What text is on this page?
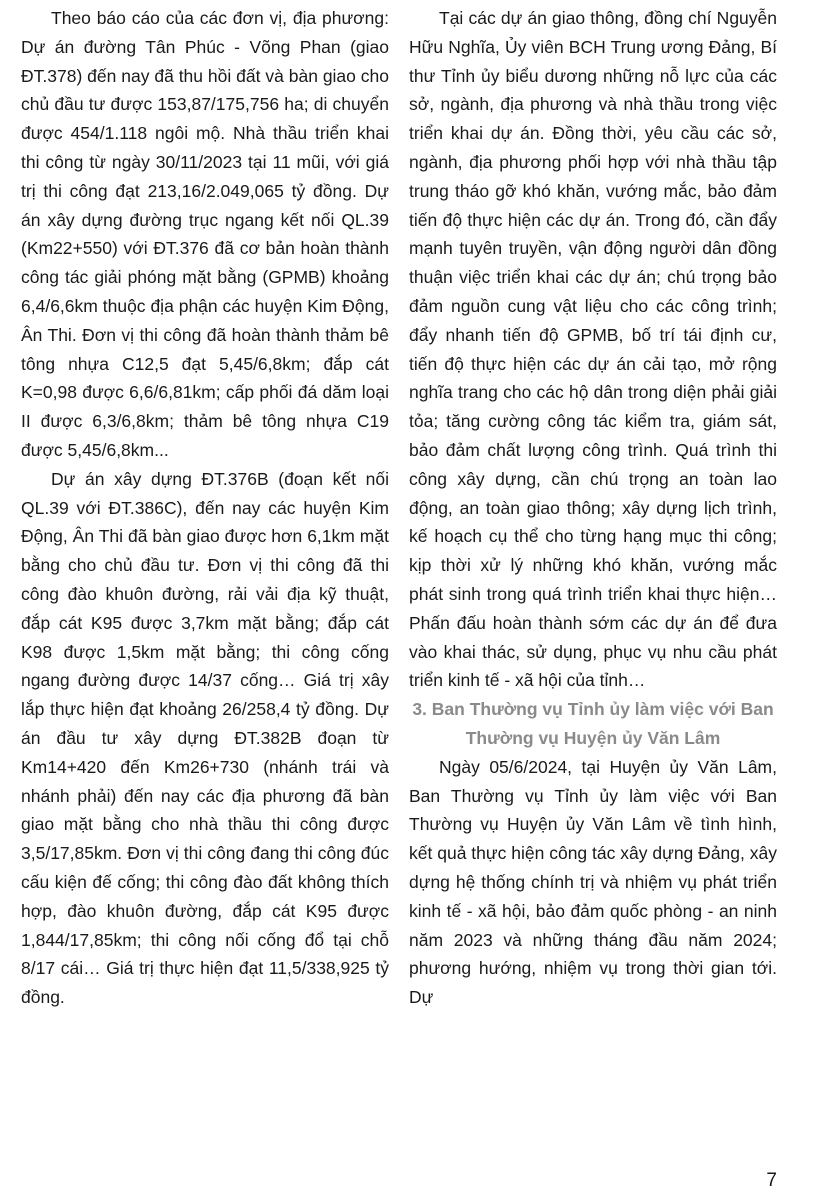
Theo báo cáo của các đơn vị, địa phương: Dự án đường Tân Phúc - Võng Phan (giao ĐT.378) đến nay đã thu hồi đất và bàn giao cho chủ đầu tư được 153,87/175,756 ha; di chuyển được 454/1.118 ngôi mộ. Nhà thầu triển khai thi công từ ngày 30/11/2023 tại 11 mũi, với giá trị thi công đạt 213,16/2.049,065 tỷ đồng. Dự án xây dựng đường trục ngang kết nối QL.39 (Km22+550) với ĐT.376 đã cơ bản hoàn thành công tác giải phóng mặt bằng (GPMB) khoảng 6,4/6,6km thuộc địa phận các huyện Kim Động, Ân Thi. Đơn vị thi công đã hoàn thành thảm bê tông nhựa C12,5 đạt 5,45/6,8km; đắp cát K=0,98 được 6,6/6,81km; cấp phối đá dăm loại II được 6,3/6,8km; thảm bê tông nhựa C19 được 5,45/6,8km...

Dự án xây dựng ĐT.376B (đoạn kết nối QL.39 với ĐT.386C), đến nay các huyện Kim Động, Ân Thi đã bàn giao được hơn 6,1km mặt bằng cho chủ đầu tư. Đơn vị thi công đã thi công đào khuôn đường, rải vải địa kỹ thuật, đắp cát K95 được 3,7km mặt bằng; đắp cát K98 được 1,5km mặt bằng; thi công cống ngang đường được 14/37 cống… Giá trị xây lắp thực hiện đạt khoảng 26/258,4 tỷ đồng. Dự án đầu tư xây dựng ĐT.382B đoạn từ Km14+420 đến Km26+730 (nhánh trái và nhánh phải) đến nay các địa phương đã bàn giao mặt bằng cho nhà thầu thi công được 3,5/17,85km. Đơn vị thi công đang thi công đúc cấu kiện đế cống; thi công đào đất không thích hợp, đào khuôn đường, đắp cát K95 được 1,844/17,85km; thi công nối cống đổ tại chỗ 8/17 cái… Giá trị thực hiện đạt 11,5/338,925 tỷ đồng.

Tại các dự án giao thông, đồng chí Nguyễn Hữu Nghĩa, Ủy viên BCH Trung ương Đảng, Bí thư Tỉnh ủy biểu dương những nỗ lực của các sở, ngành, địa phương và nhà thầu trong việc triển khai dự án. Đồng thời, yêu cầu các sở, ngành, địa phương phối hợp với nhà thầu tập trung tháo gỡ khó khăn, vướng mắc, bảo đảm tiến độ thực hiện các dự án. Trong đó, cần đẩy mạnh tuyên truyền, vận động người dân đồng thuận việc triển khai các dự án; chú trọng bảo đảm nguồn cung vật liệu cho các công trình; đẩy nhanh tiến độ GPMB, bố trí tái định cư, tiến độ thực hiện các dự án cải tạo, mở rộng nghĩa trang cho các hộ dân trong diện phải giải tỏa; tăng cường công tác kiểm tra, giám sát, bảo đảm chất lượng công trình. Quá trình thi công xây dựng, cần chú trọng an toàn lao động, an toàn giao thông; xây dựng lịch trình, kế hoạch cụ thể cho từng hạng mục thi công; kịp thời xử lý những khó khăn, vướng mắc phát sinh trong quá trình triển khai thực hiện… Phấn đấu hoàn thành sớm các dự án để đưa vào khai thác, sử dụng, phục vụ nhu cầu phát triển kinh tế - xã hội của tỉnh…

3. Ban Thường vụ Tỉnh ủy làm việc với Ban Thường vụ Huyện ủy Văn Lâm

Ngày 05/6/2024, tại Huyện ủy Văn Lâm, Ban Thường vụ Tỉnh ủy làm việc với Ban Thường vụ Huyện ủy Văn Lâm về tình hình, kết quả thực hiện công tác xây dựng Đảng, xây dựng hệ thống chính trị và nhiệm vụ phát triển kinh tế - xã hội, bảo đảm quốc phòng - an ninh năm 2023 và những tháng đầu năm 2024; phương hướng, nhiệm vụ trong thời gian tới. Dự

7
